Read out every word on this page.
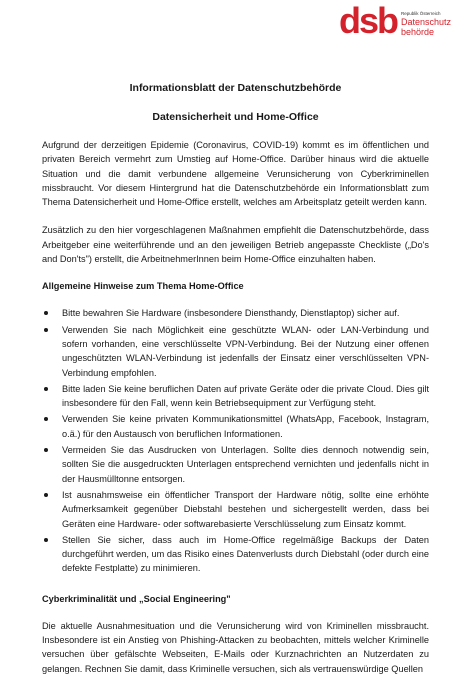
dsb Republik Österreich
Datenschutz
behörde
Informationsblatt der Datenschutzbehörde
Datensicherheit und Home-Office

Aufgrund der derzeitigen Epidemie (Coronavirus, COVID-19) kommt es im öffentlichen und privaten Bereich vermehrt zum Umstieg auf Home-Office. Darüber hinaus wird die aktuelle Situation und die damit verbundene allgemeine Verunsicherung von Cyberkriminellen missbraucht. Vor diesem Hintergrund hat die Datenschutzbehörde ein Informationsblatt zum Thema Datensicherheit und Home-Office erstellt, welches am Arbeitsplatz geteilt werden kann.

Zusätzlich zu den hier vorgeschlagenen Maßnahmen empfiehlt die Datenschutzbehörde, dass Arbeitgeber eine weiterführende und an den jeweiligen Betrieb angepasste Checkliste („Do's and Don'ts") erstellt, die ArbeitnehmerInnen beim Home-Office einzuhalten haben.

Allgemeine Hinweise zum Thema Home-Office
Bitte bewahren Sie Hardware (insbesondere Diensthandy, Dienstlaptop) sicher auf.
Verwenden Sie nach Möglichkeit eine geschützte WLAN- oder LAN-Verbindung und sofern vorhanden, eine verschlüsselte VPN-Verbindung. Bei der Nutzung einer offenen ungeschützten WLAN-Verbindung ist jedenfalls der Einsatz einer verschlüsselten VPN-Verbindung empfohlen.
Bitte laden Sie keine beruflichen Daten auf private Geräte oder die private Cloud. Dies gilt insbesondere für den Fall, wenn kein Betriebsequipment zur Verfügung steht.
Verwenden Sie keine privaten Kommunikationsmittel (WhatsApp, Facebook, Instagram, o.ä.) für den Austausch von beruflichen Informationen.
Vermeiden Sie das Ausdrucken von Unterlagen. Sollte dies dennoch notwendig sein, sollten Sie die ausgedruckten Unterlagen entsprechend vernichten und jedenfalls nicht in der Hausmülltonne entsorgen.
Ist ausnahmsweise ein öffentlicher Transport der Hardware nötig, sollte eine erhöhte Aufmerksamkeit gegenüber Diebstahl bestehen und sichergestellt werden, dass bei Geräten eine Hardware- oder softwarebasierte Verschlüsselung zum Einsatz kommt.
Stellen Sie sicher, dass auch im Home-Office regelmäßige Backups der Daten durchgeführt werden, um das Risiko eines Datenverlusts durch Diebstahl (oder durch eine defekte Festplatte) zu minimieren.
Cyberkriminalität und „Social Engineering"

Die aktuelle Ausnahmesituation und die Verunsicherung wird von Kriminellen missbraucht. Insbesondere ist ein Anstieg von Phishing-Attacken zu beobachten, mittels welcher Kriminelle versuchen über gefälschte Webseiten, E-Mails oder Kurznachrichten an Nutzerdaten zu gelangen. Rechnen Sie damit, dass Kriminelle versuchen, sich als vertrauenswürdige Quellen
